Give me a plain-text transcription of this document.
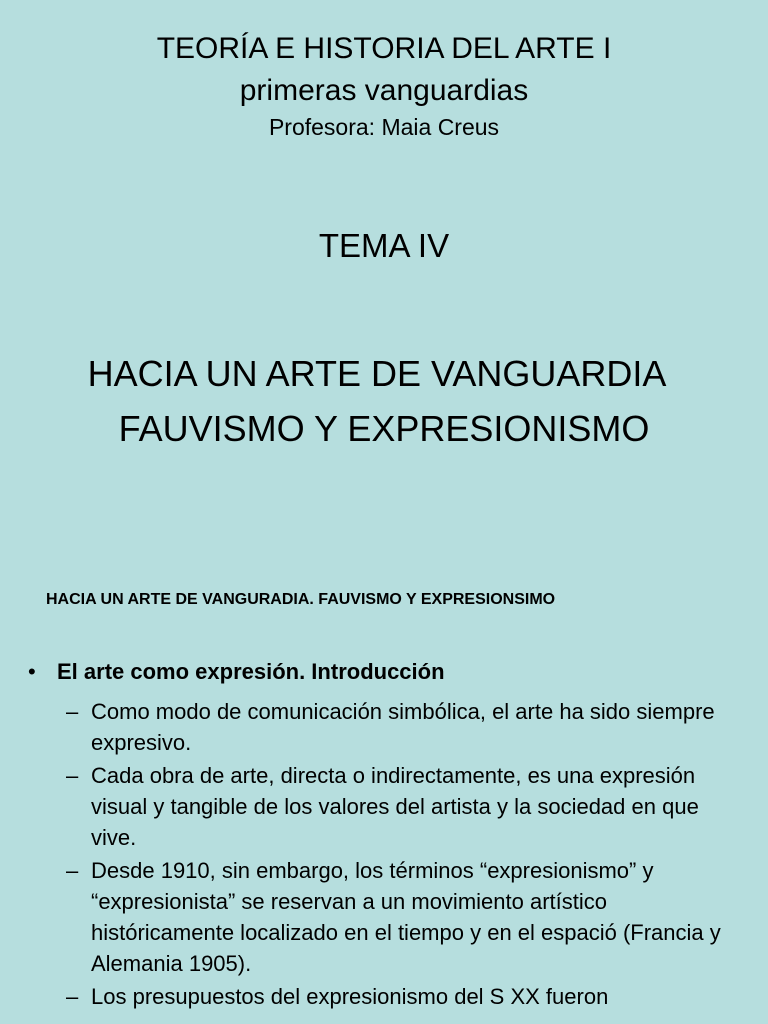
TEORÍA E HISTORIA DEL ARTE I
primeras vanguardias
Profesora: Maia Creus
TEMA IV
HACIA UN ARTE DE VANGUARDIA
FAUVISMO Y EXPRESIONISMO
HACIA UN ARTE DE VANGURADIA. FAUVISMO Y EXPRESIONSIMO
• El arte como expresión. Introducción
– Como modo de comunicación simbólica, el arte ha sido siempre expresivo.
– Cada obra de arte, directa o indirectamente, es una expresión visual y tangible de los valores del artista y la sociedad en que vive.
– Desde 1910, sin embargo, los términos “expresionismo” y “expresionista” se reservan a un movimiento artístico históricamente localizado en el tiempo y en el espació (Francia y Alemania 1905).
– Los presupuestos del expresionismo del S XX fueron
